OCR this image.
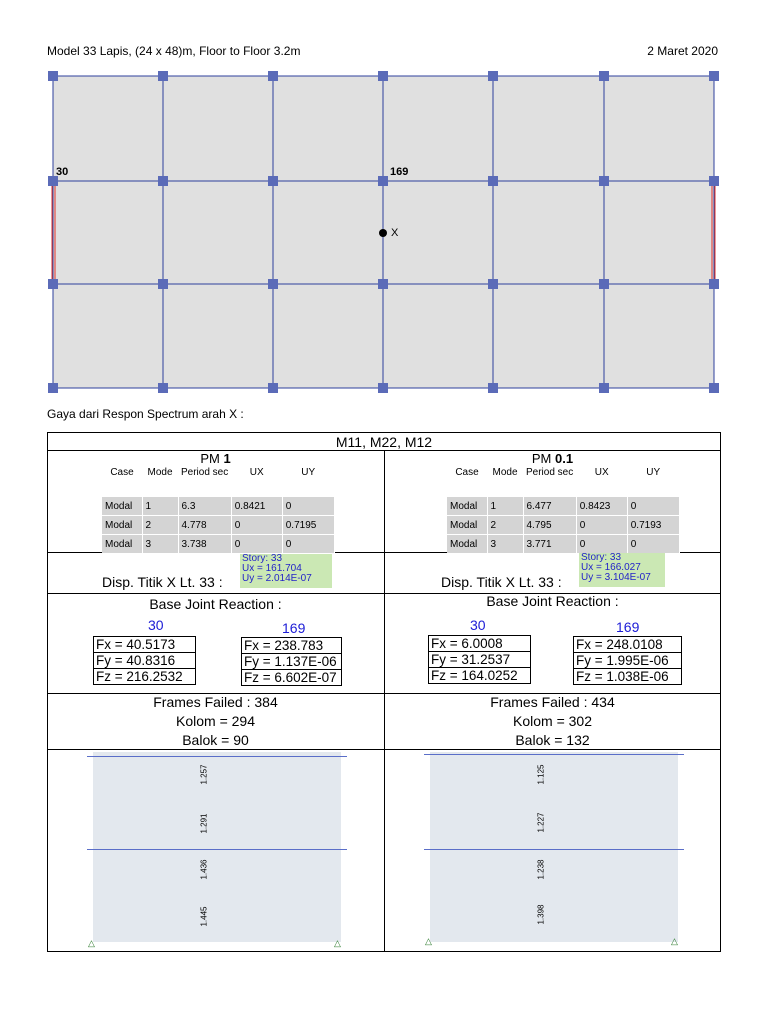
Model 33 Lapis, (24 x 48)m, Floor to Floor 3.2m	2 Maret 2020
30	169
X
Gaya dari Respon Spectrum arah X :
M11, M22, M12
PM 1
Case	Mode	Period sec	UX	UY
Modal	1	6.3	0.8421	0
Modal	2	4.778	0	0.7195
Modal	3	3.738	0	0
Disp. Titik X Lt. 33 :
Story: 33
Ux = 161.704
Uy = 2.014E-07
Base Joint Reaction :
30	169
Fx = 40.5173
Fy = 40.8316
Fz = 216.2532
Fx = 238.783
Fy = 1.137E-06
Fz = 6.602E-07
Frames Failed : 384
Kolom = 294
Balok = 90
1.257
1.291
1.436
1.445
△	△
PM 0.1
Case	Mode	Period sec	UX	UY
Modal	1	6.477	0.8423	0
Modal	2	4.795	0	0.7193
Modal	3	3.771	0	0
Disp. Titik X Lt. 33 :
Story: 33
Ux = 166.027
Uy = 3.104E-07
Base Joint Reaction :
30	169
Fx = 6.0008
Fy = 31.2537
Fz = 164.0252
Fx = 248.0108
Fy = 1.995E-06
Fz = 1.038E-06
Frames Failed : 434
Kolom = 302
Balok = 132
1.125
1.227
1.238
1.398
△	△
